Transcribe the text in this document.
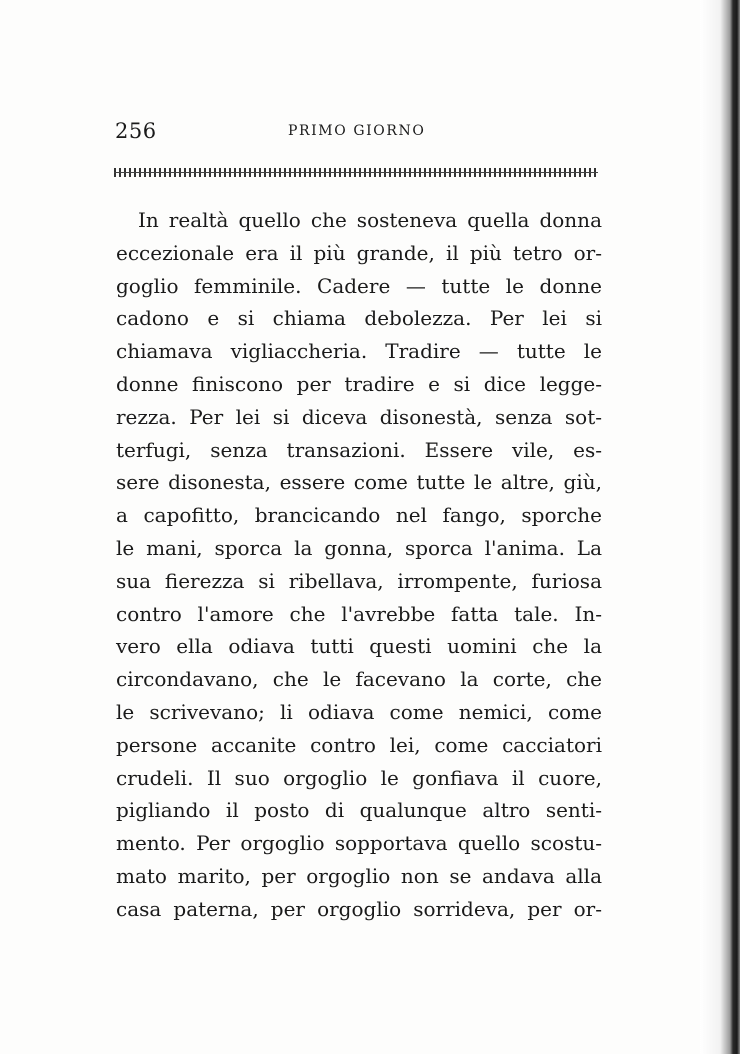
256	PRIMO GIORNO
In realtà quello che sosteneva quella donna
eccezionale era il più grande, il più tetro or-
goglio femminile. Cadere — tutte le donne
cadono e si chiama debolezza. Per lei si
chiamava vigliaccheria. Tradire — tutte le
donne finiscono per tradire e si dice legge-
rezza. Per lei si diceva disonestà, senza sot-
terfugi, senza transazioni. Essere vile, es-
sere disonesta, essere come tutte le altre, giù,
a capofitto, brancicando nel fango, sporche
le mani, sporca la gonna, sporca l'anima. La
sua fierezza si ribellava, irrompente, furiosa
contro l'amore che l'avrebbe fatta tale. In-
vero ella odiava tutti questi uomini che la
circondavano, che le facevano la corte, che
le scrivevano; li odiava come nemici, come
persone accanite contro lei, come cacciatori
crudeli. Il suo orgoglio le gonfiava il cuore,
pigliando il posto di qualunque altro senti-
mento. Per orgoglio sopportava quello scostu-
mato marito, per orgoglio non se andava alla
casa paterna, per orgoglio sorrideva, per or-
